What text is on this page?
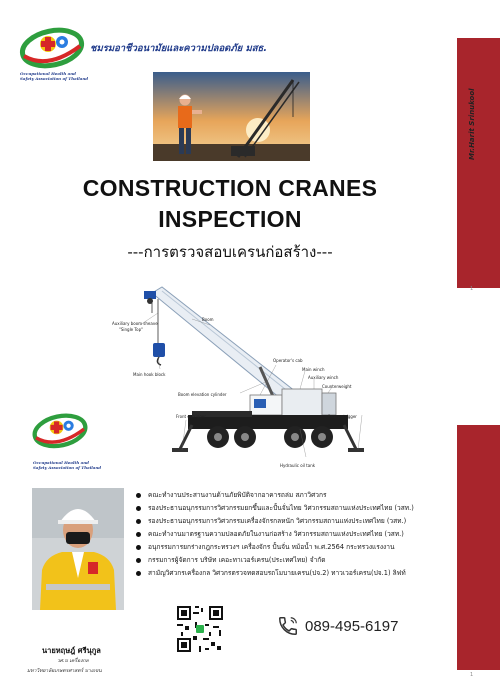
Mr.Harit Srinukool
1
1
Occupational Health and
Safety Association of Thailand
ชมรมอาชีวอนามัยและความปลอดภัย มสธ.
CONSTRUCTION CRANES
INSPECTION
---การตรวจสอบเครนก่อสร้าง---
Auxiliary boom sheave
"Single Top"
Boom
Main hook block
Operator's cab
Main winch
Auxiliary winch
Counterweight
Boom elevation cylinder
Front outrigger	Rear outrigger
Hydraulic oil tank
Occupational Health and
Safety Association of Thailand
นายหฤษฎ์ ศรีนุกูล
วศ.บ เครื่องกล
มหาวิทยาลัยเกษตรศาสตร์ บางเขน
คณะทำงานประสานงานด้านภัยพิบัติจากอาคารถล่ม สภาวิศวกร
รองประธานอนุกรรมการวิศวกรรมยกขึ้นและปั้นจั่นไทย วิศวกรรมสถานแห่งประเทศไทย (วสท.)
รองประธานอนุกรรมการวิศวกรรมเครื่องจักรกลหนัก วิศวกรรมสถานแห่งประเทศไทย (วสท.)
คณะทำงานมาตรฐานความปลอดภัยในงานก่อสร้าง วิศวกรรมสถานแห่งประเทศไทย (วสท.)
อนุกรรมการยกร่างกฎกระทรวงฯ เครื่องจักร ปั้นจั่น หม้อน้ำ พ.ศ.2564 กระทรวงแรงงาน
กรรมการผู้จัดการ บริษัท เคอะทาเวอร์เครน(ประเทศไทย) จำกัด
สามัญวิศวกรเครื่องกล วิศวกรตรวจทดสอบรถโมบายเครน(ปจ.2) ทาวเวอร์เครน(ปจ.1) ลิฟท์
089-495-6197
